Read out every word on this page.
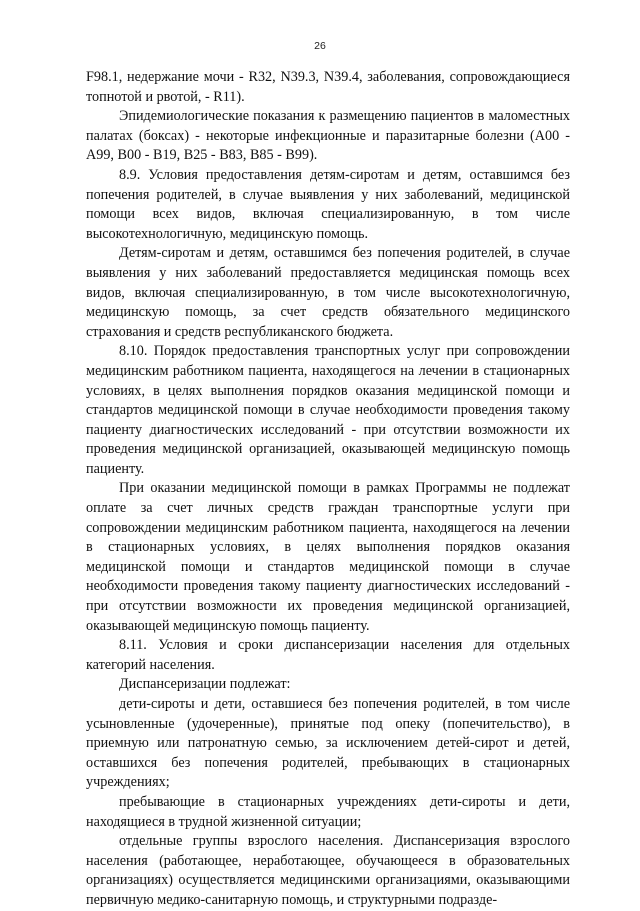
26

F98.1, недержание мочи - R32, N39.3, N39.4, заболевания, сопровождающиеся топнотой и рвотой, - R11).

Эпидемиологические показания к размещению пациентов в маломестных палатах (боксах) - некоторые инфекционные и паразитарные болезни (A00 - A99, B00 - B19, B25 - B83, B85 - B99).

8.9. Условия предоставления детям-сиротам и детям, оставшимся без попечения родителей, в случае выявления у них заболеваний, медицинской помощи всех видов, включая специализированную, в том числе высокотехнологичную, медицинскую помощь.

Детям-сиротам и детям, оставшимся без попечения родителей, в случае выявления у них заболеваний предоставляется медицинская помощь всех видов, включая специализированную, в том числе высокотехнологичную, медицинскую помощь, за счет средств обязательного медицинского страхования и средств республиканского бюджета.

8.10. Порядок предоставления транспортных услуг при сопровождении медицинским работником пациента, находящегося на лечении в стационарных условиях, в целях выполнения порядков оказания медицинской помощи и стандартов медицинской помощи в случае необходимости проведения такому пациенту диагностических исследований - при отсутствии возможности их проведения медицинской организацией, оказывающей медицинскую помощь пациенту.

При оказании медицинской помощи в рамках Программы не подлежат оплате за счет личных средств граждан транспортные услуги при сопровождении медицинским работником пациента, находящегося на лечении в стационарных условиях, в целях выполнения порядков оказания медицинской помощи и стандартов медицинской помощи в случае необходимости проведения такому пациенту диагностических исследований - при отсутствии возможности их проведения медицинской организацией, оказывающей медицинскую помощь пациенту.

8.11. Условия и сроки диспансеризации населения для отдельных категорий населения.

Диспансеризации подлежат:

дети-сироты и дети, оставшиеся без попечения родителей, в том числе усыновленные (удочеренные), принятые под опеку (попечительство), в приемную или патронатную семью, за исключением детей-сирот и детей, оставшихся без попечения родителей, пребывающих в стационарных учреждениях;

пребывающие в стационарных учреждениях дети-сироты и дети, находящиеся в трудной жизненной ситуации;

отдельные группы взрослого населения. Диспансеризация взрослого населения (работающее, неработающее, обучающееся в образовательных организациях) осуществляется медицинскими организациями, оказывающими первичную медико-санитарную помощь, и структурными подразде-
